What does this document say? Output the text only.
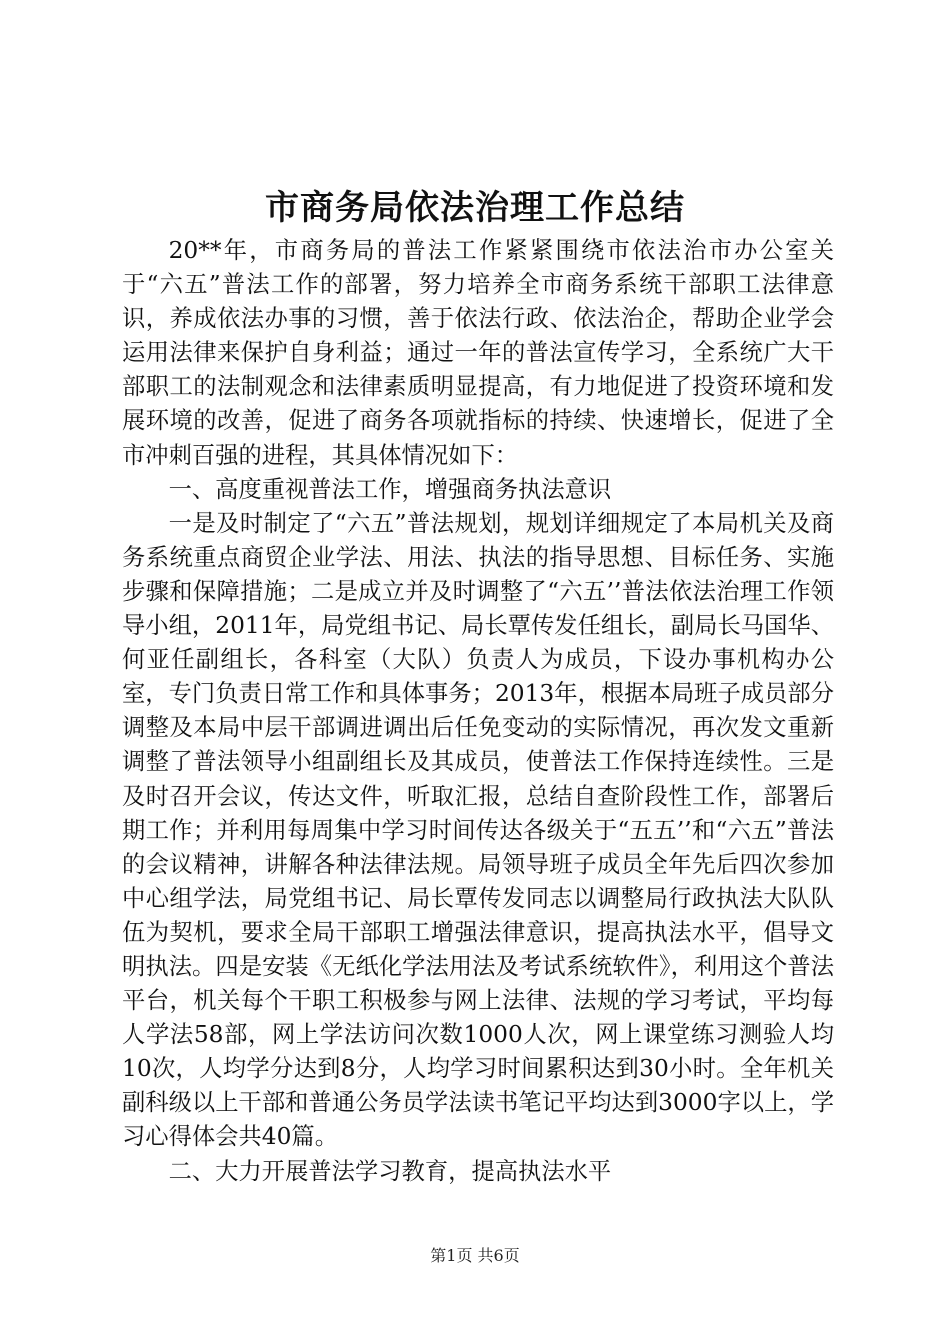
市商务局依法治理工作总结

20**年，市商务局的普法工作紧紧围绕市依法治市办公室关于“六五”普法工作的部署，努力培养全市商务系统干部职工法律意识，养成依法办事的习惯，善于依法行政、依法治企，帮助企业学会运用法律来保护自身利益；通过一年的普法宣传学习，全系统广大干部职工的法制观念和法律素质明显提高，有力地促进了投资环境和发展环境的改善，促进了商务各项就指标的持续、快速增长，促进了全市冲刺百强的进程，其具体情况如下：

一、高度重视普法工作，增强商务执法意识

一是及时制定了“六五”普法规划，规划详细规定了本局机关及商务系统重点商贸企业学法、用法、执法的指导思想、目标任务、实施步骤和保障措施；二是成立并及时调整了“六五’’普法依法治理工作领导小组，2011年，局党组书记、局长覃传发任组长，副局长马国华、何亚任副组长，各科室（大队）负责人为成员，下设办事机构办公室，专门负责日常工作和具体事务；2013年，根据本局班子成员部分调整及本局中层干部调进调出后任免变动的实际情况，再次发文重新调整了普法领导小组副组长及其成员，使普法工作保持连续性。三是及时召开会议，传达文件，听取汇报，总结自查阶段性工作，部署后期工作；并利用每周集中学习时间传达各级关于“五五’’和“六五”普法的会议精神，讲解各种法律法规。局领导班子成员全年先后四次参加中心组学法，局党组书记、局长覃传发同志以调整局行政执法大队队伍为契机，要求全局干部职工增强法律意识，提高执法水平，倡导文明执法。四是安装《无纸化学法用法及考试系统软件》，利用这个普法平台，机关每个干职工积极参与网上法律、法规的学习考试，平均每人学法58部，网上学法访问次数1000人次，网上课堂练习测验人均10次，人均学分达到8分，人均学习时间累积达到30小时。全年机关副科级以上干部和普通公务员学法读书笔记平均达到3000字以上，学习心得体会共40篇。

二、大力开展普法学习教育，提高执法水平

第1页 共6页
